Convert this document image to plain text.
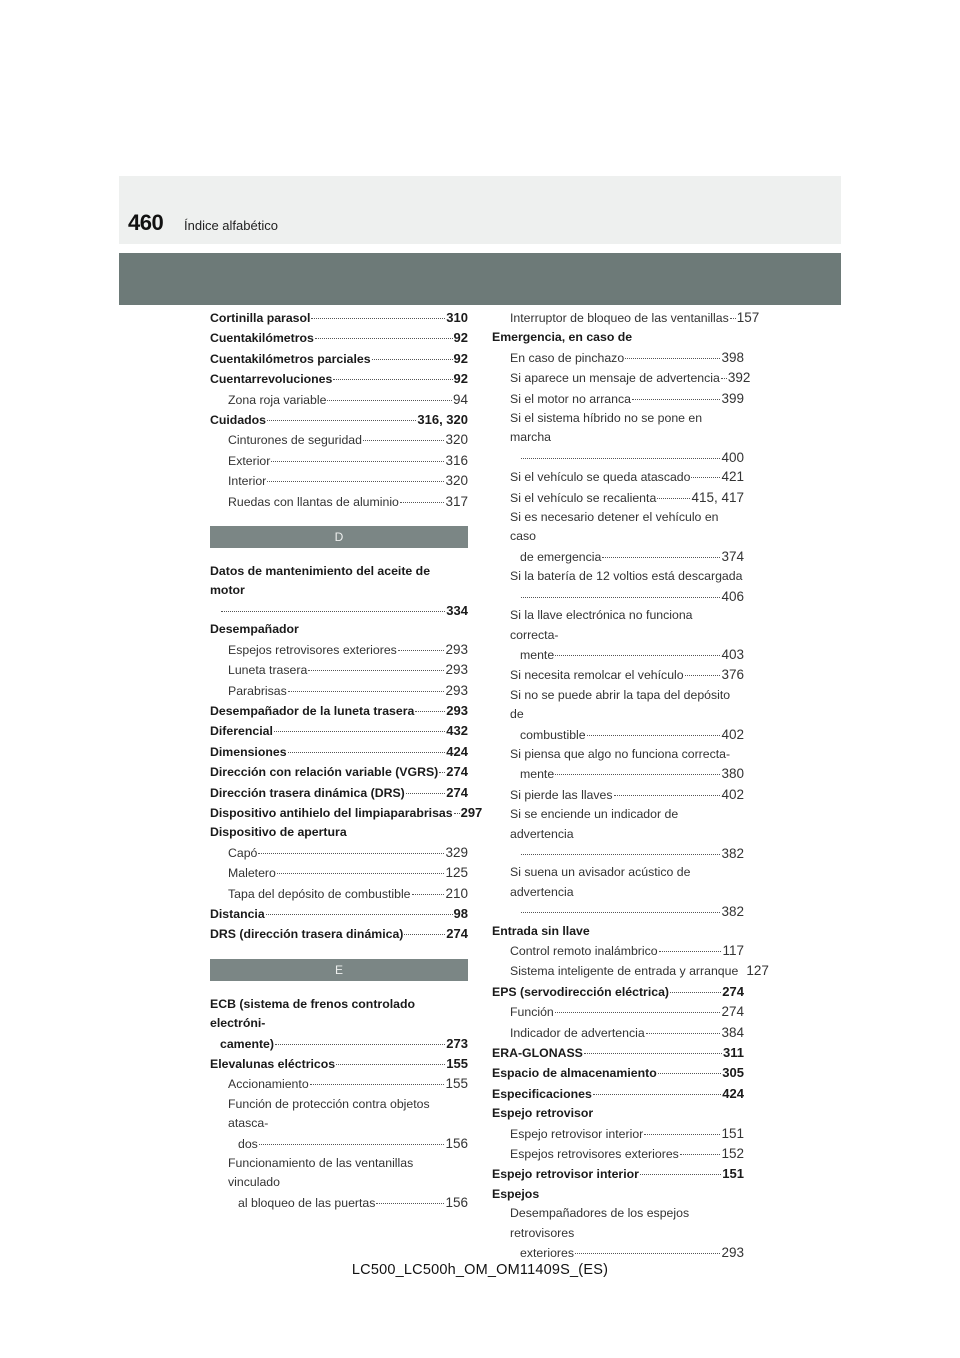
460 Índice alfabético
Cortinilla parasol	310
Cuentakilómetros	92
Cuentakilómetros parciales	92
Cuentarrevoluciones	92
Zona roja variable	94
Cuidados	316, 320
Cinturones de seguridad	320
Exterior	316
Interior	320
Ruedas con llantas de aluminio	317
D
Datos de mantenimiento del aceite de motor
334
Desempañador
Espejos retrovisores exteriores	293
Luneta trasera	293
Parabrisas	293
Desempañador de la luneta trasera 293
Diferencial	432
Dimensiones	424
Dirección con relación variable (VGRS) 274
Dirección trasera dinámica (DRS)	274
Dispositivo antihielo del limpiaparabrisas 297
Dispositivo de apertura
Capó	329
Maletero	125
Tapa del depósito de combustible	210
Distancia	98
DRS (dirección trasera dinámica)	274
E
ECB (sistema de frenos controlado electróni-
camente)	273
Elevalunas eléctricos	155
Accionamiento	155
Función de protección contra objetos atasca-
dos	156
Funcionamiento de las ventanillas vinculado
al bloqueo de las puertas	156
Interruptor de bloqueo de las ventanillas 157
Emergencia, en caso de
En caso de pinchazo	398
Si aparece un mensaje de advertencia 392
Si el motor no arranca	399
Si el sistema híbrido no se pone en marcha
400
Si el vehículo se queda atascado 421
Si el vehículo se recalienta	415, 417
Si es necesario detener el vehículo en caso
de emergencia	374
Si la batería de 12 voltios está descargada
406
Si la llave electrónica no funciona correcta-
mente	403
Si necesita remolcar el vehículo	376
Si no se puede abrir la tapa del depósito de
combustible	402
Si piensa que algo no funciona correcta-
mente	380
Si pierde las llaves	402
Si se enciende un indicador de advertencia
382
Si suena un avisador acústico de advertencia
382
Entrada sin llave
Control remoto inalámbrico	117
Sistema inteligente de entrada y arranque 127
EPS (servodirección eléctrica)	274
Función	274
Indicador de advertencia	384
ERA-GLONASS	311
Espacio de almacenamiento	305
Especificaciones	424
Espejo retrovisor
Espejo retrovisor interior	151
Espejos retrovisores exteriores	152
Espejo retrovisor interior	151
Espejos
Desempañadores de los espejos retrovisores
exteriores	293
LC500_LC500h_OM_OM11409S_(ES)
